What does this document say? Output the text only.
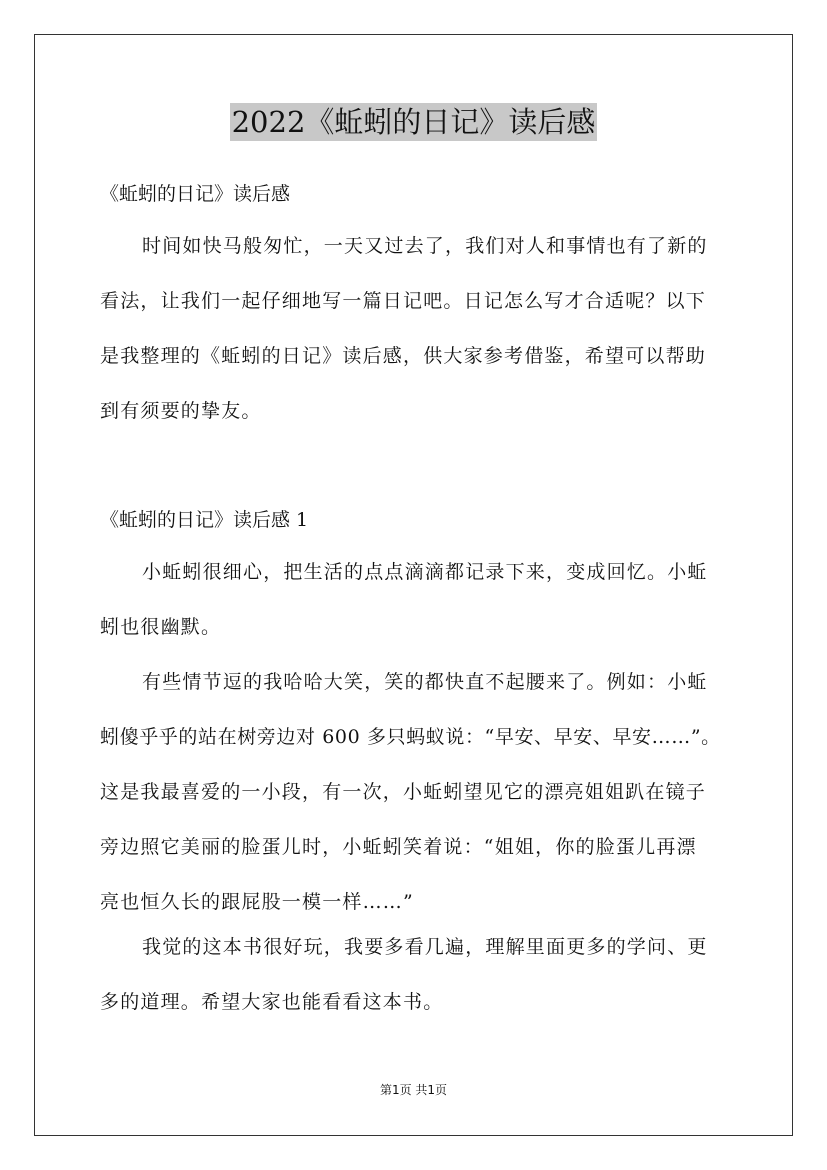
2022《蚯蚓的日记》读后感
《蚯蚓的日记》读后感
时间如快马般匆忙，一天又过去了，我们对人和事情也有了新的
看法，让我们一起仔细地写一篇日记吧。日记怎么写才合适呢？以下
是我整理的《蚯蚓的日记》读后感，供大家参考借鉴，希望可以帮助
到有须要的挚友。
《蚯蚓的日记》读后感 1
小蚯蚓很细心，把生活的点点滴滴都记录下来，变成回忆。小蚯
蚓也很幽默。
有些情节逗的我哈哈大笑，笑的都快直不起腰来了。例如：小蚯
蚓傻乎乎的站在树旁边对 600 多只蚂蚁说：“早安、早安、早安……”。
这是我最喜爱的一小段，有一次，小蚯蚓望见它的漂亮姐姐趴在镜子
旁边照它美丽的脸蛋儿时，小蚯蚓笑着说：“姐姐，你的脸蛋儿再漂
亮也恒久长的跟屁股一模一样……”
我觉的这本书很好玩，我要多看几遍，理解里面更多的学问、更
多的道理。希望大家也能看看这本书。
第1页 共1页
